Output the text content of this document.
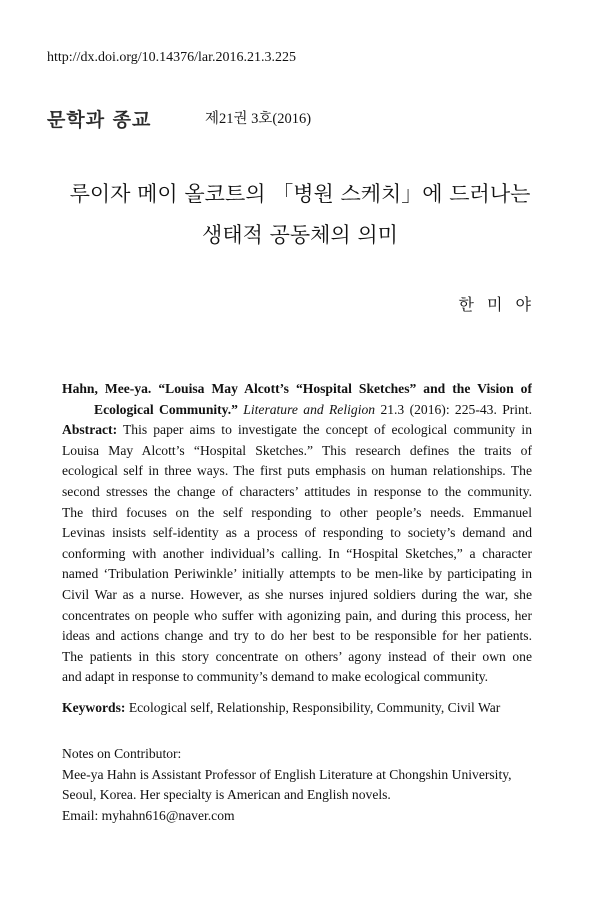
http://dx.doi.org/10.14376/lar.2016.21.3.225
문학과 종교	제21권 3호(2016)
루이자 메이 올코트의 「병원 스케치」에 드러나는
생태적 공동체의 의미
한 미 야
Hahn, Mee-ya. “Louisa May Alcott’s “Hospital Sketches” and the Vision of
Ecological Community.” Literature and Religion 21.3 (2016): 225-43. Print.
Abstract: This paper aims to investigate the concept of ecological community in
Louisa May Alcott’s “Hospital Sketches.” This research defines the traits of
ecological self in three ways. The first puts emphasis on human relationships. The
second stresses the change of characters’ attitudes in response to the community.
The third focuses on the self responding to other people’s needs. Emmanuel
Levinas insists self-identity as a process of responding to society’s demand and
conforming with another individual’s calling. In “Hospital Sketches,” a character
named ‘Tribulation Periwinkle’ initially attempts to be men-like by participating in
Civil War as a nurse. However, as she nurses injured soldiers during the war, she
concentrates on people who suffer with agonizing pain, and during this process, her
ideas and actions change and try to do her best to be responsible for her patients.
The patients in this story concentrate on others’ agony instead of their own one
and adapt in response to community’s demand to make ecological community.
Keywords: Ecological self, Relationship, Responsibility, Community, Civil War
Notes on Contributor:
Mee-ya Hahn is Assistant Professor of English Literature at Chongshin University,
Seoul, Korea. Her specialty is American and English novels.
Email: myhahn616@naver.com
